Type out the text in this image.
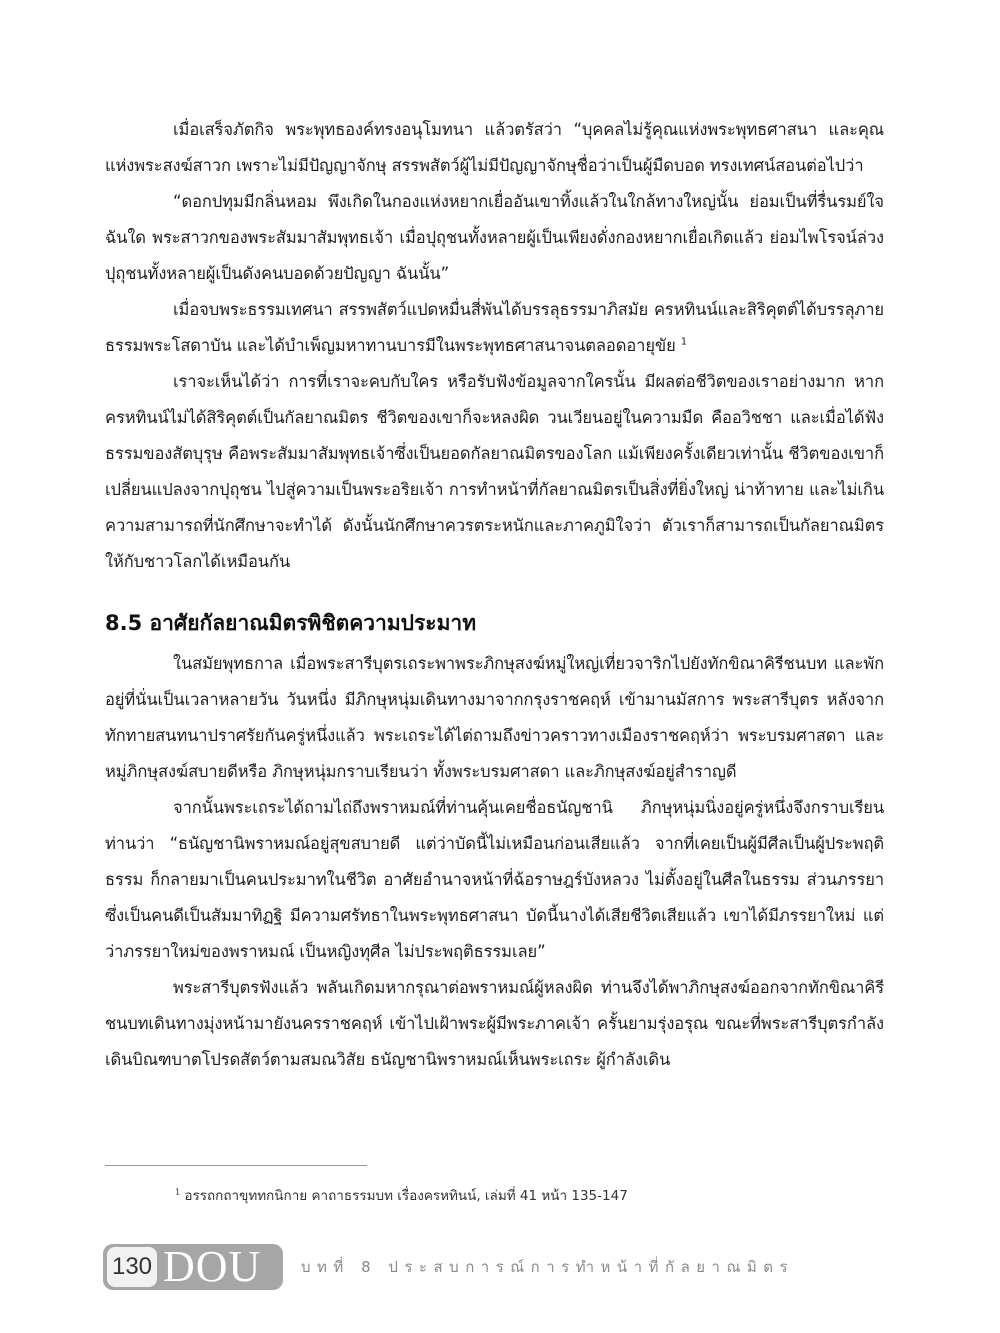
เมื่อเสร็จภัตกิจ พระพุทธองค์ทรงอนุโมทนา แล้วตรัสว่า “บุคคลไม่รู้คุณแห่งพระพุทธศาสนา และคุณแห่งพระสงฆ์สาวก เพราะไม่มีปัญญาจักษุ สรรพสัตว์ผู้ไม่มีปัญญาจักษุชื่อว่าเป็นผู้มืดบอด ทรงเทศน์สอนต่อไปว่า

“ดอกปทุมมีกลิ่นหอม พึงเกิดในกองแห่งหยากเยื่ออันเขาทิ้งแล้วในใกล้ทางใหญ่นั้น ย่อมเป็นที่รื่นรมย์ใจฉันใด พระสาวกของพระสัมมาสัมพุทธเจ้า เมื่อปุถุชนทั้งหลายผู้เป็นเพียงดั่งกองหยากเยื่อเกิดแล้ว ย่อมไพโรจน์ล่วงปุถุชนทั้งหลายผู้เป็นดังคนบอดด้วยปัญญา ฉันนั้น”

เมื่อจบพระธรรมเทศนา สรรพสัตว์แปดหมื่นสี่พันได้บรรลุธรรมาภิสมัย ครหทินน์และสิริคุตต์ได้บรรลุภายธรรมพระโสดาบัน และได้บำเพ็ญมหาทานบารมีในพระพุทธศาสนาจนตลอดอายุขัย $^1$

เราจะเห็นได้ว่า การที่เราจะคบกับใคร หรือรับฟังข้อมูลจากใครนั้น มีผลต่อชีวิตของเราอย่างมาก หากครหทินน์ไม่ได้สิริคุตต์เป็นกัลยาณมิตร ชีวิตของเขาก็จะหลงผิด วนเวียนอยู่ในความมืด คืออวิชชา และเมื่อได้ฟังธรรมของสัตบุรุษ คือพระสัมมาสัมพุทธเจ้าซึ่งเป็นยอดกัลยาณมิตรของโลก แม้เพียงครั้งเดียวเท่านั้น ชีวิตของเขาก็เปลี่ยนแปลงจากปุถุชน ไปสู่ความเป็นพระอริยเจ้า การทำหน้าที่กัลยาณมิตรเป็นสิ่งที่ยิ่งใหญ่ น่าท้าทาย และไม่เกินความสามารถที่นักศึกษาจะทำได้ ดังนั้นนักศึกษาควรตระหนักและภาคภูมิใจว่า ตัวเราก็สามารถเป็นกัลยาณมิตรให้กับชาวโลกได้เหมือนกัน

8.5 อาศัยกัลยาณมิตรพิชิตความประมาท

ในสมัยพุทธกาล เมื่อพระสารีบุตรเถระพาพระภิกษุสงฆ์หมู่ใหญ่เที่ยวจาริกไปยังทักขิณาคิรีชนบท และพักอยู่ที่นั่นเป็นเวลาหลายวัน วันหนึ่ง มีภิกษุหนุ่มเดินทางมาจากกรุงราชคฤห์ เข้ามานมัสการ พระสารีบุตร หลังจากทักทายสนทนาปราศรัยกันครู่หนึ่งแล้ว พระเถระได้ไต่ถามถึงข่าวคราวทางเมืองราชคฤห์ว่า พระบรมศาสดา และหมู่ภิกษุสงฆ์สบายดีหรือ ภิกษุหนุ่มกราบเรียนว่า ทั้งพระบรมศาสดา และภิกษุสงฆ์อยู่สำราญดี

จากนั้นพระเถระได้ถามไถ่ถึงพราหมณ์ที่ท่านคุ้นเคยชื่อธนัญชานิ ภิกษุหนุ่มนิ่งอยู่ครู่หนึ่งจึงกราบเรียนท่านว่า “ธนัญชานิพราหมณ์อยู่สุขสบายดี แต่ว่าบัดนี้ไม่เหมือนก่อนเสียแล้ว จากที่เคยเป็นผู้มีศีลเป็นผู้ประพฤติธรรม ก็กลายมาเป็นคนประมาทในชีวิต อาศัยอำนาจหน้าที่ฉ้อราษฎร์บังหลวง ไม่ตั้งอยู่ในศีลในธรรม ส่วนภรรยาซึ่งเป็นคนดีเป็นสัมมาทิฏฐิ มีความศรัทธาในพระพุทธศาสนา บัดนี้นางได้เสียชีวิตเสียแล้ว เขาได้มีภรรยาใหม่ แต่ว่าภรรยาใหม่ของพราหมณ์ เป็นหญิงทุศีล ไม่ประพฤติธรรมเลย”

พระสารีบุตรฟังแล้ว พลันเกิดมหากรุณาต่อพราหมณ์ผู้หลงผิด ท่านจึงได้พาภิกษุสงฆ์ออกจากทักขิณาคิรีชนบทเดินทางมุ่งหน้ามายังนครราชคฤห์ เข้าไปเฝ้าพระผู้มีพระภาคเจ้า ครั้นยามรุ่งอรุณ ขณะที่พระสารีบุตรกำลังเดินบิณฑบาตโปรดสัตว์ตามสมณวิสัย ธนัญชานิพราหมณ์เห็นพระเถระ ผู้กำลังเดิน

$^1$ อรรถกถาขุททกนิกาย คาถาธรรมบท เรื่องครหทินน์, เล่มที่ 41 หน้า 135-147
130 DOU	บทที่ 8 ประสบการณ์การทำหน้าที่กัลยาณมิตร
